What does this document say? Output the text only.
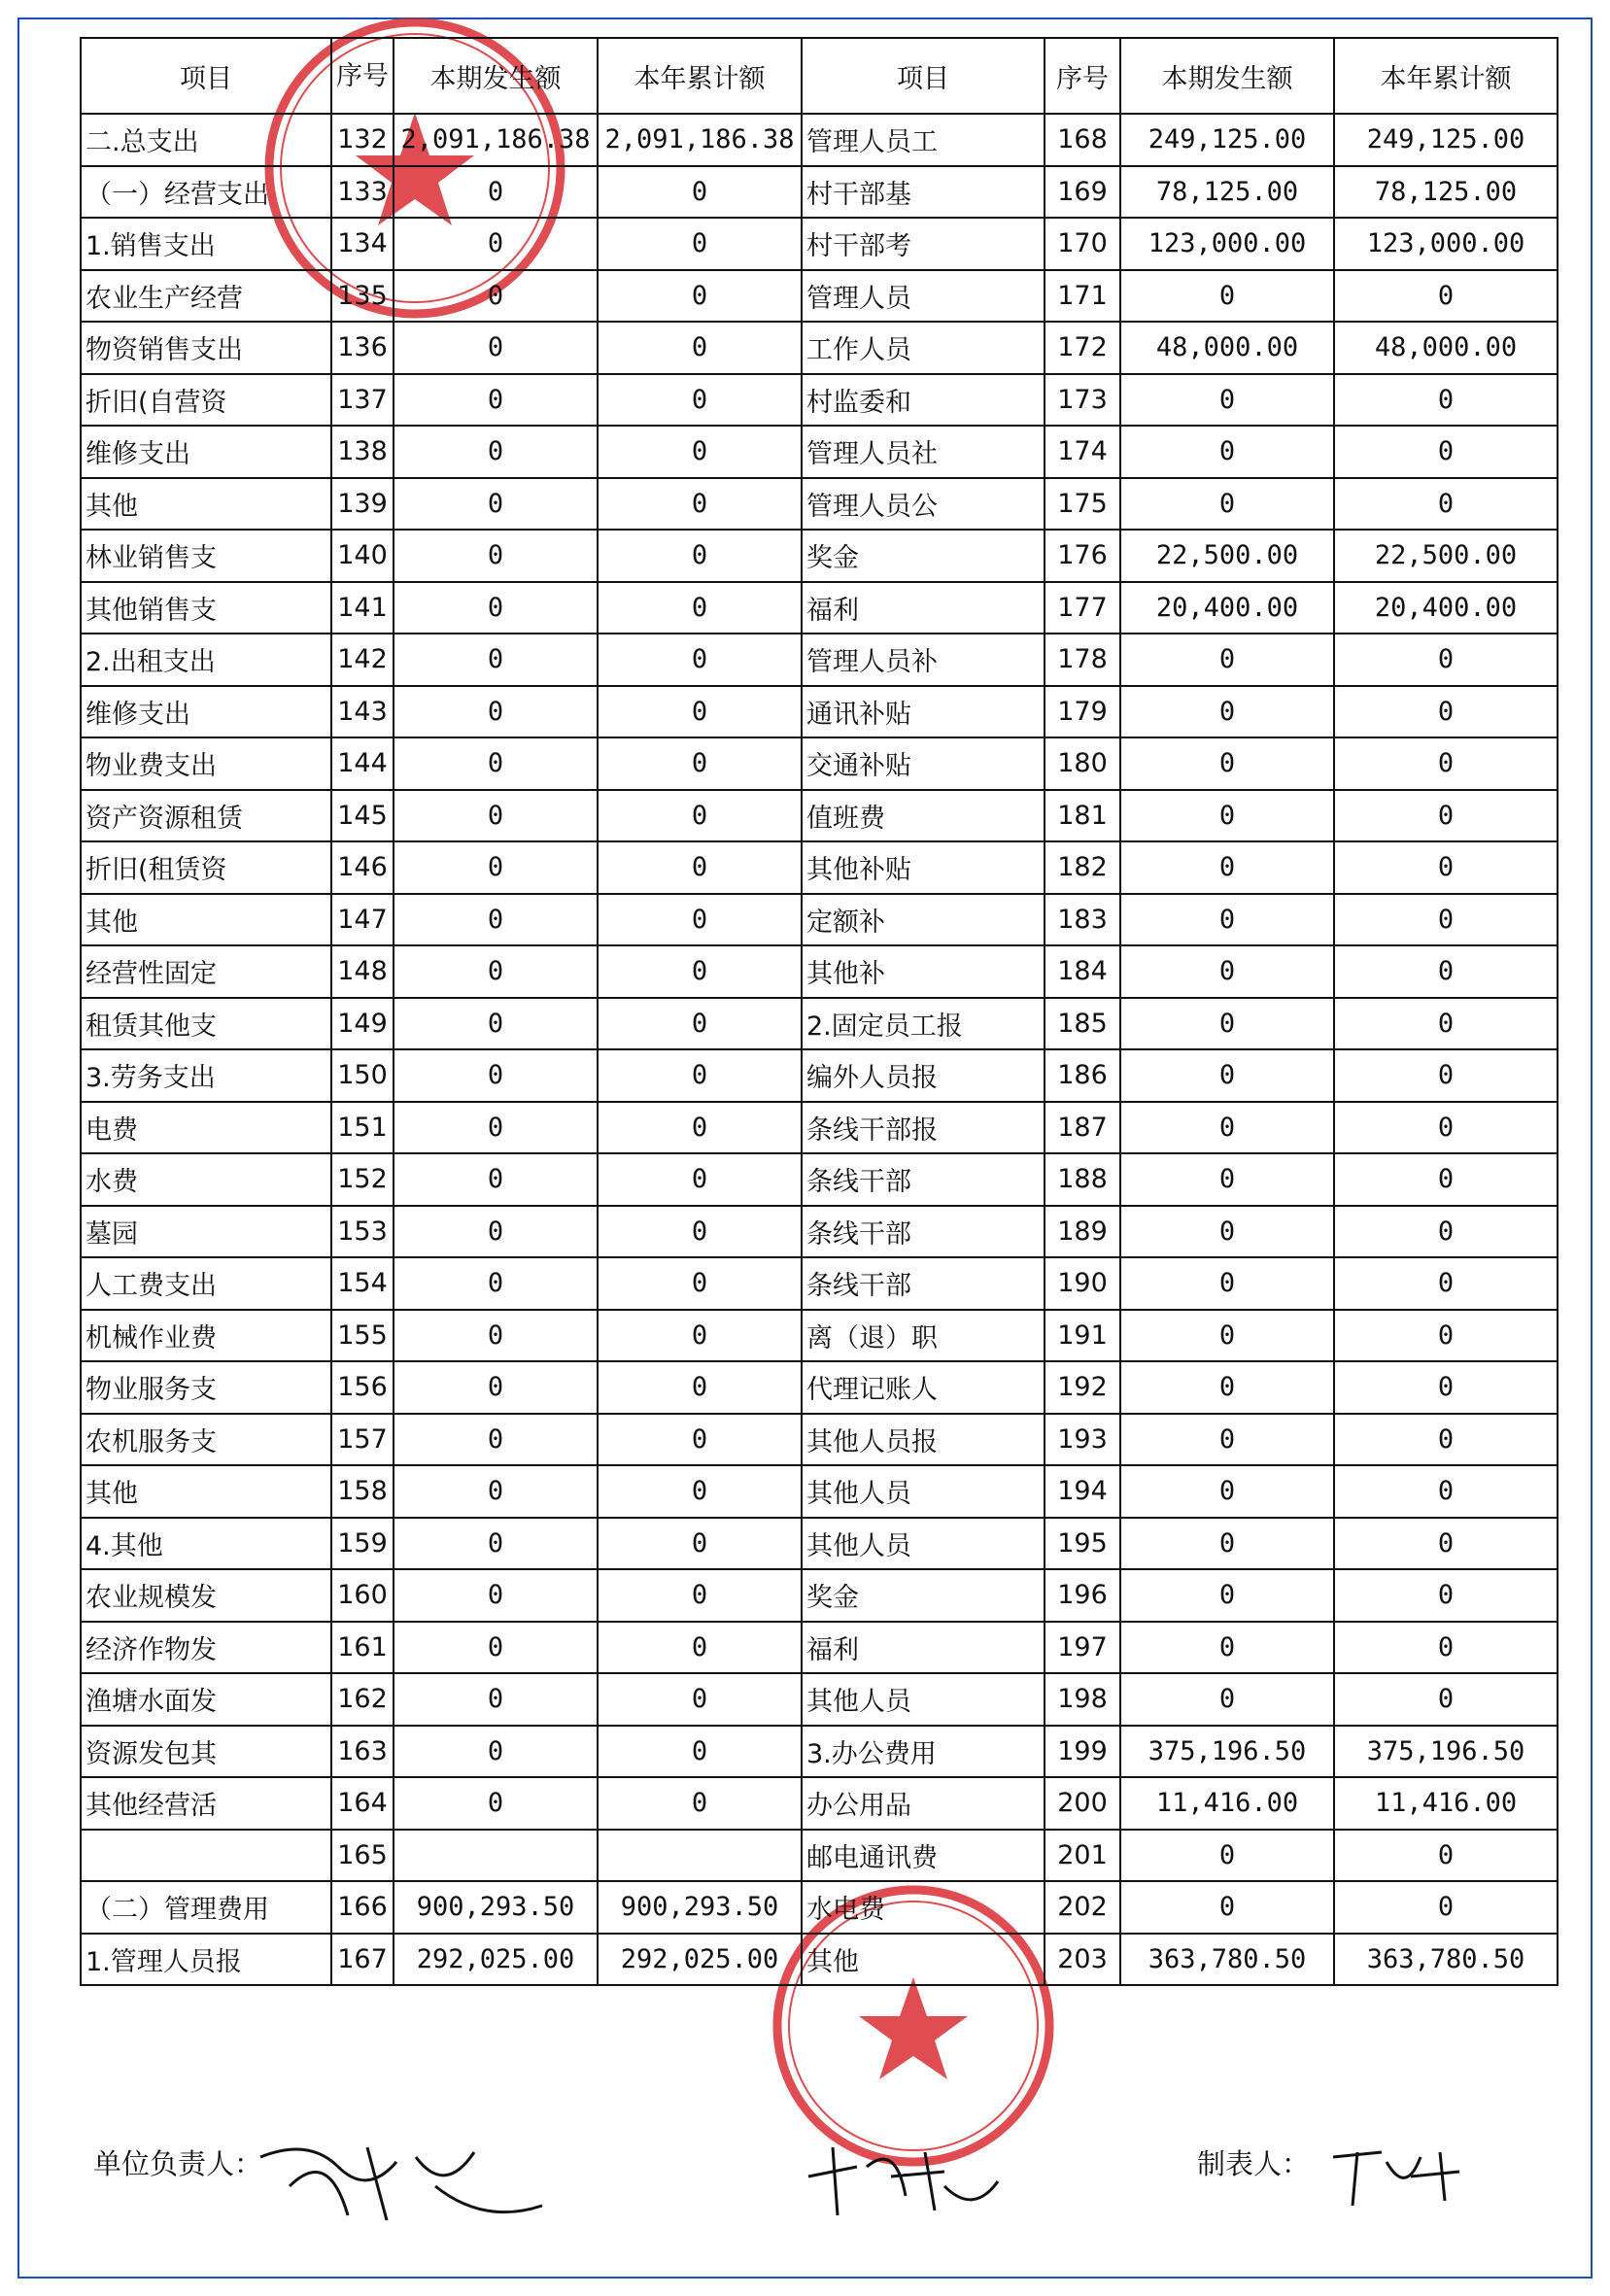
项目	序号	本期发生额	本年累计额	项目	序号	本期发生额	本年累计额
二.总支出	132	2,091,186.38	2,091,186.38	管理人员工	168	249,125.00	249,125.00
（一）经营支出	133	0	0	村干部基	169	78,125.00	78,125.00
1.销售支出	134	0	0	村干部考	170	123,000.00	123,000.00
农业生产经营	135	0	0	管理人员	171	0	0
物资销售支出	136	0	0	工作人员	172	48,000.00	48,000.00
折旧(自营资	137	0	0	村监委和	173	0	0
维修支出	138	0	0	管理人员社	174	0	0
其他	139	0	0	管理人员公	175	0	0
林业销售支	140	0	0	奖金	176	22,500.00	22,500.00
其他销售支	141	0	0	福利	177	20,400.00	20,400.00
2.出租支出	142	0	0	管理人员补	178	0	0
维修支出	143	0	0	通讯补贴	179	0	0
物业费支出	144	0	0	交通补贴	180	0	0
资产资源租赁	145	0	0	值班费	181	0	0
折旧(租赁资	146	0	0	其他补贴	182	0	0
其他	147	0	0	定额补	183	0	0
经营性固定	148	0	0	其他补	184	0	0
租赁其他支	149	0	0	2.固定员工报	185	0	0
3.劳务支出	150	0	0	编外人员报	186	0	0
电费	151	0	0	条线干部报	187	0	0
水费	152	0	0	条线干部	188	0	0
墓园	153	0	0	条线干部	189	0	0
人工费支出	154	0	0	条线干部	190	0	0
机械作业费	155	0	0	离（退）职	191	0	0
物业服务支	156	0	0	代理记账人	192	0	0
农机服务支	157	0	0	其他人员报	193	0	0
其他	158	0	0	其他人员	194	0	0
4.其他	159	0	0	其他人员	195	0	0
农业规模发	160	0	0	奖金	196	0	0
经济作物发	161	0	0	福利	197	0	0
渔塘水面发	162	0	0	其他人员	198	0	0
资源发包其	163	0	0	3.办公费用	199	375,196.50	375,196.50
其他经营活	164	0	0	办公用品	200	11,416.00	11,416.00
	165			邮电通讯费	201	0	0
（二）管理费用	166	900,293.50	900,293.50	水电费	202	0	0
1.管理人员报	167	292,025.00	292,025.00	其他	203	363,780.50	363,780.50
单位负责人：	制表人：
